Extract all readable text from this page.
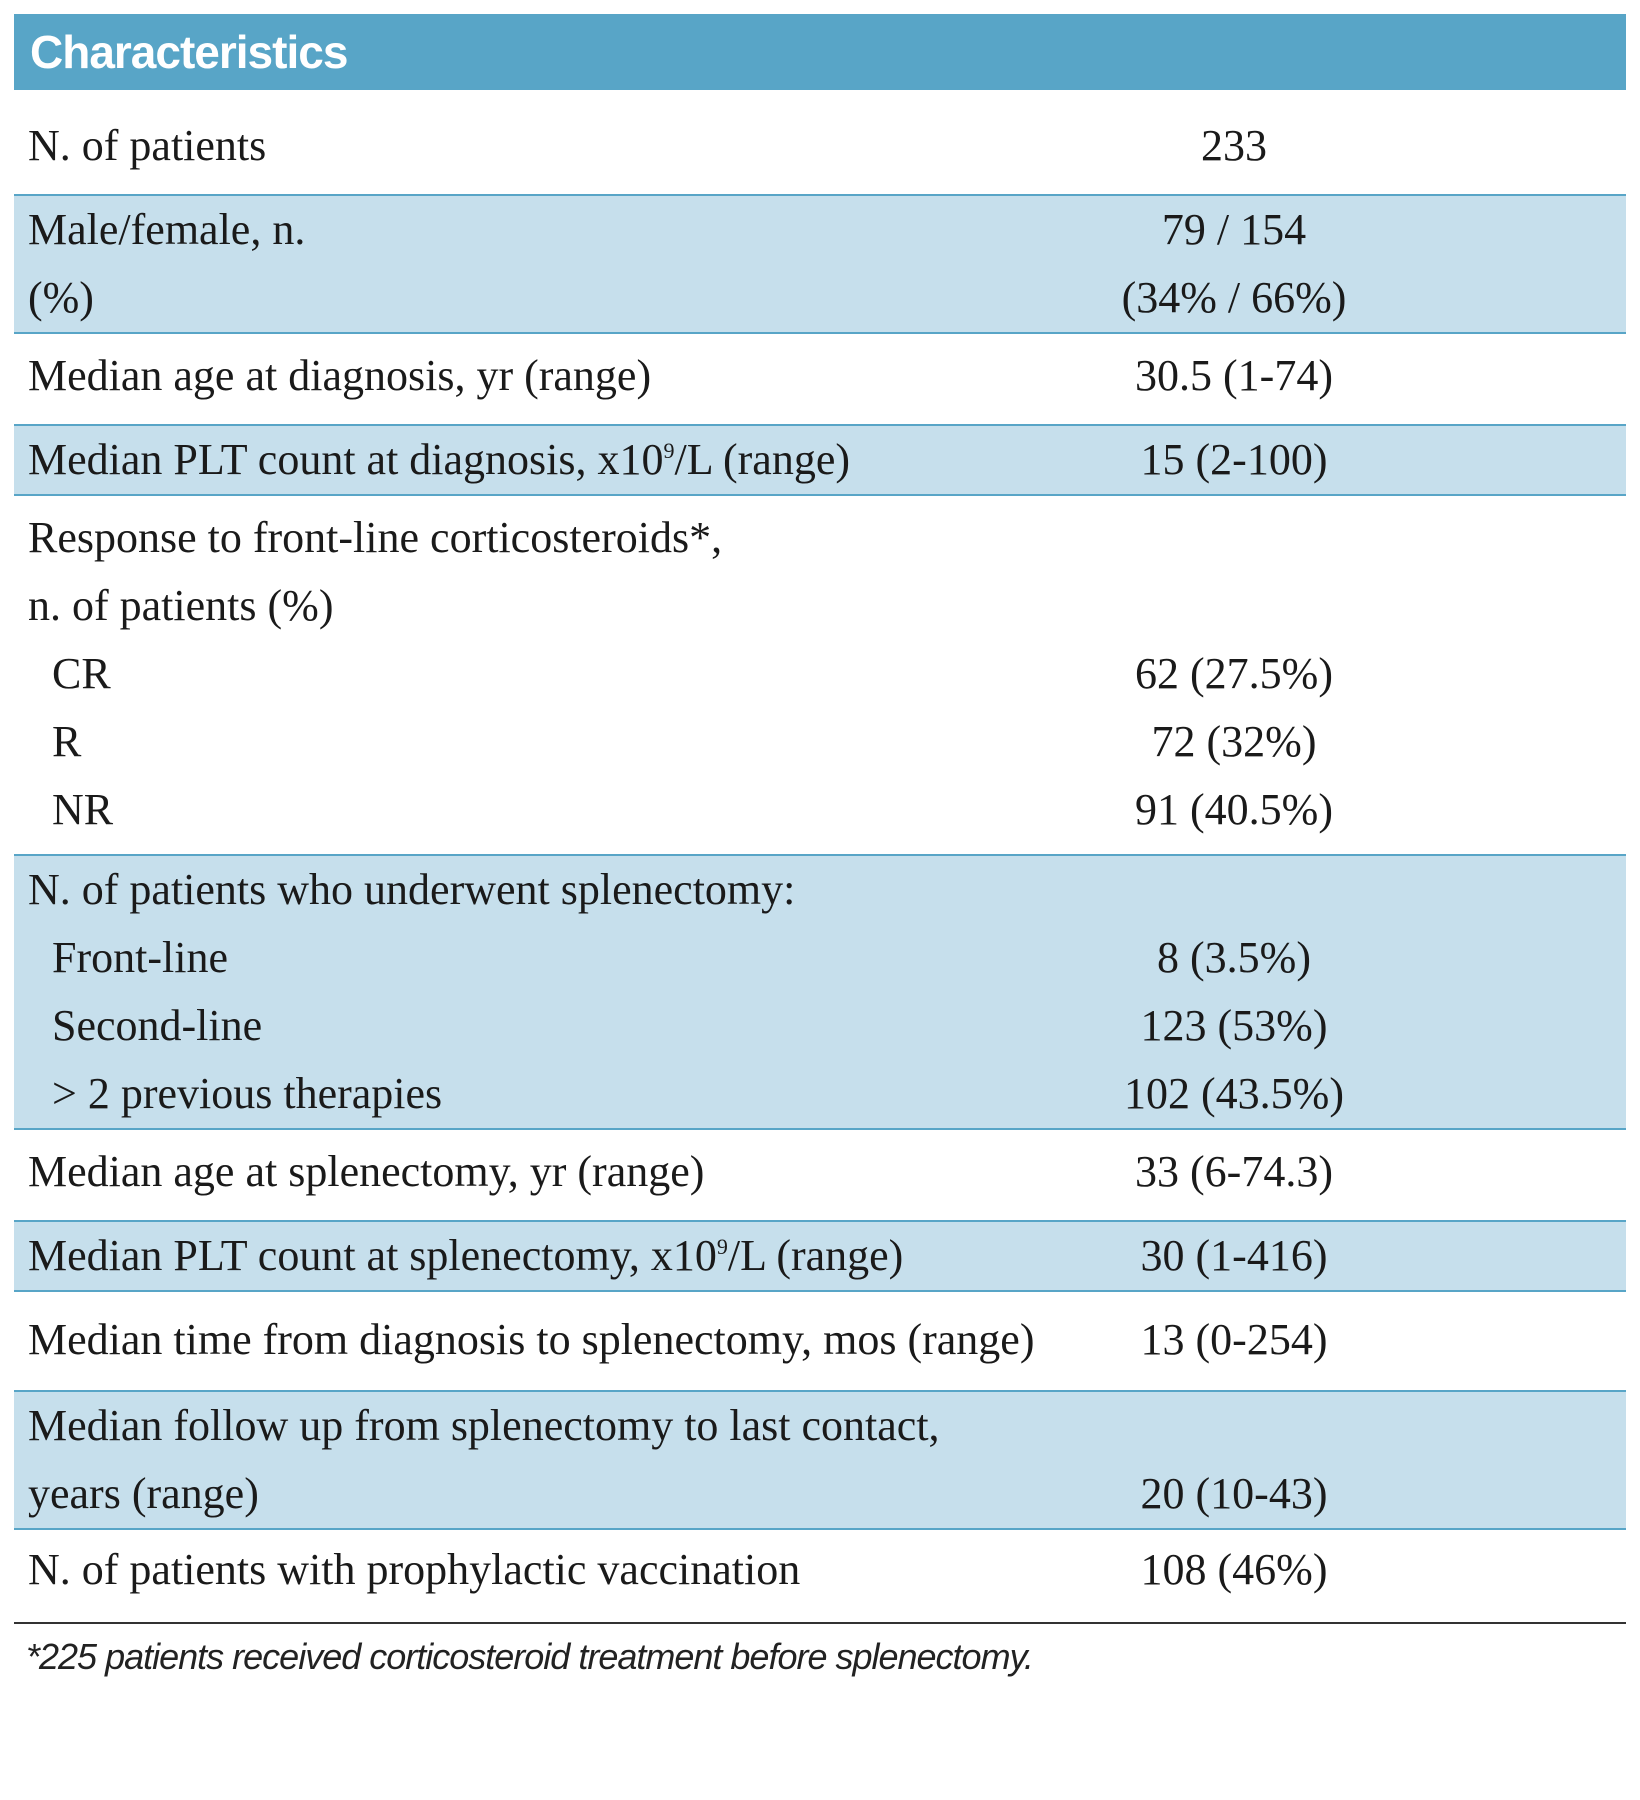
Characteristics
N. of patients	233
Male/female, n.	79 / 154
(%)	(34% / 66%)
Median age at diagnosis, yr (range)	30.5 (1-74)
Median PLT count at diagnosis, $x10^9/L$ (range)	15 (2-100)
Response to front-line corticosteroids*,
n. of patients (%)
CR	62 (27.5%)
R	72 (32%)
NR	91 (40.5%)
N. of patients who underwent splenectomy:
Front-line	8 (3.5%)
Second-line	123 (53%)
> 2 previous therapies	102 (43.5%)
Median age at splenectomy, yr (range)	33 (6-74.3)
Median PLT count at splenectomy, $x10^9/L$ (range)	30 (1-416)
Median time from diagnosis to splenectomy, mos (range)	13 (0-254)
Median follow up from splenectomy to last contact,
years (range)	20 (10-43)
N. of patients with prophylactic vaccination	108 (46%)
*225 patients received corticosteroid treatment before splenectomy.
